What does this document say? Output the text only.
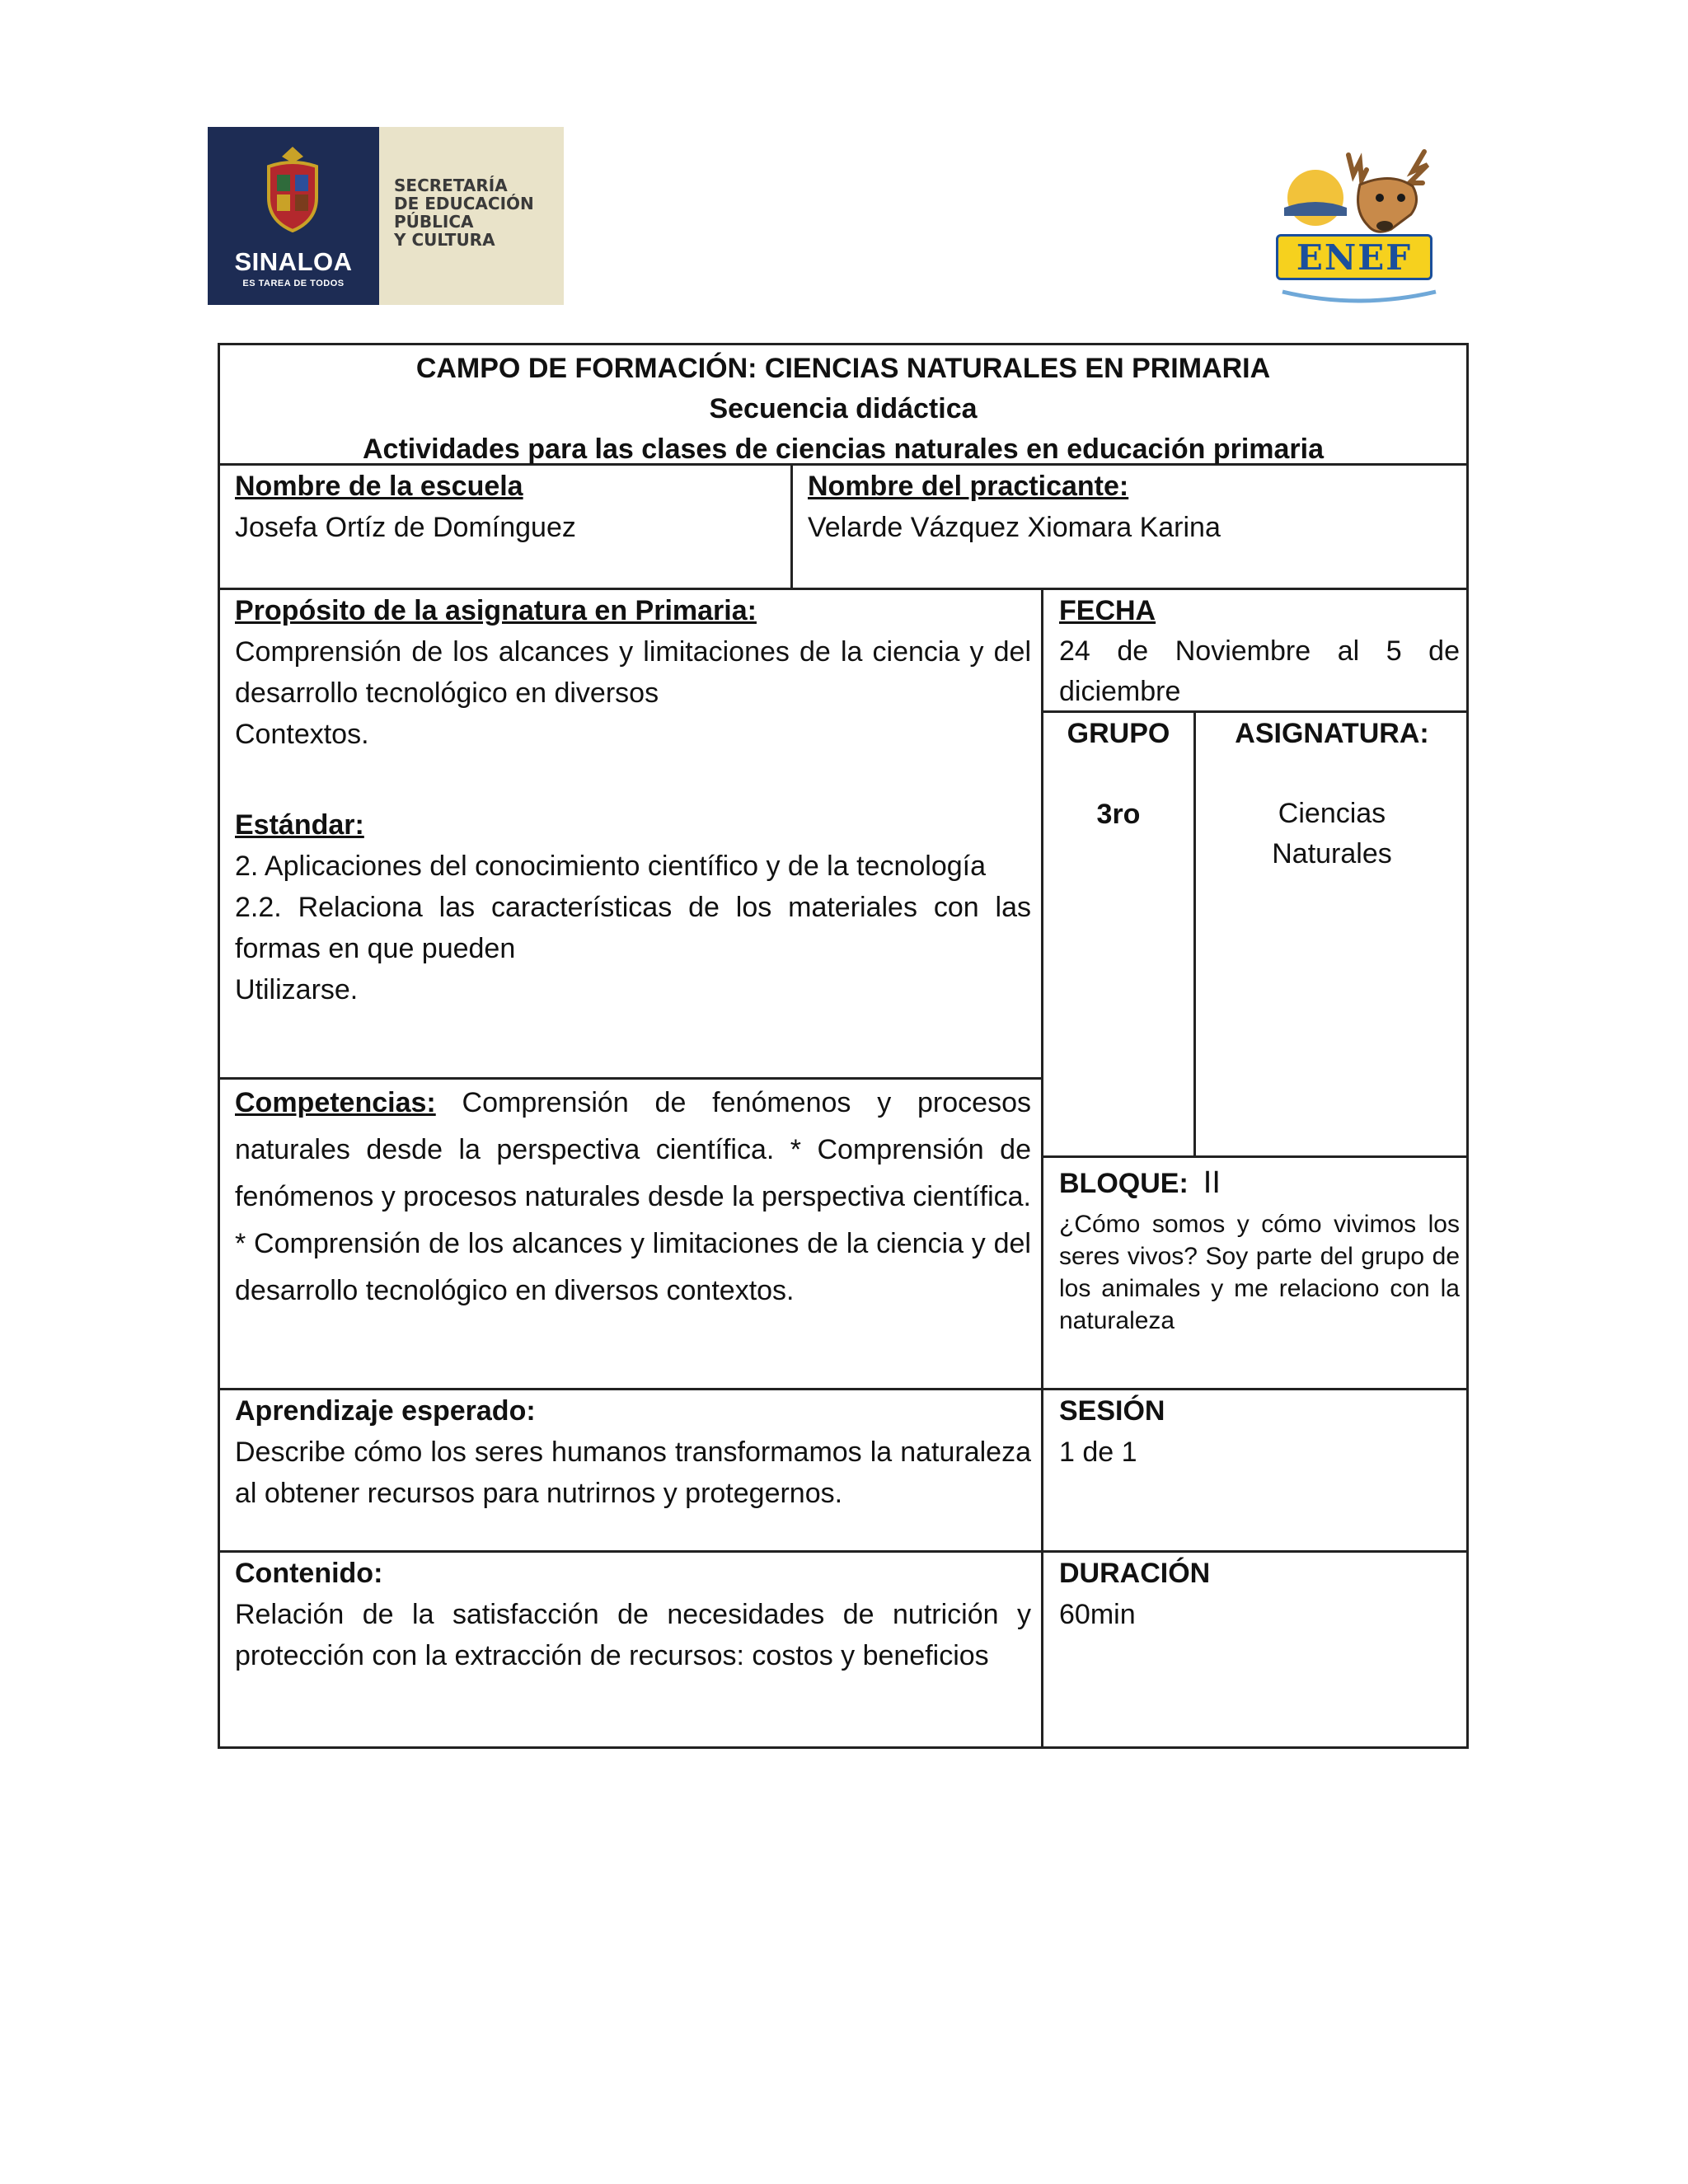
SINALOA
ES TAREA DE TODOS
SECRETARÍA
DE EDUCACIÓN
PÚBLICA
Y CULTURA	ENEF
CAMPO DE FORMACIÓN: CIENCIAS NATURALES EN PRIMARIA
Secuencia didáctica
Actividades para las clases de ciencias naturales en educación primaria
Nombre de la escuela
Josefa Ortíz de Domínguez
Nombre del practicante:
Velarde Vázquez Xiomara Karina
Propósito de la asignatura en Primaria:
Comprensión de los alcances y limitaciones de la ciencia y del desarrollo tecnológico en diversos
Contextos.
Estándar:
2. Aplicaciones del conocimiento científico y de la tecnología
2.2. Relaciona las características de los materiales con las formas en que pueden
Utilizarse.
Competencias: Comprensión de fenómenos y procesos naturales desde la perspectiva científica. * Comprensión de fenómenos y procesos naturales desde la perspectiva científica. * Comprensión de los alcances y limitaciones de la ciencia y del desarrollo tecnológico en diversos contextos.
FECHA
24 de Noviembre al 5 de diciembre
GRUPO
3ro
ASIGNATURA:
Ciencias Naturales
BLOQUE: II
¿Cómo somos y cómo vivimos los seres vivos? Soy parte del grupo de los animales y me relaciono con la naturaleza
Aprendizaje esperado:
Describe cómo los seres humanos transformamos la naturaleza al obtener recursos para nutrirnos y protegernos.
SESIÓN
1 de 1
Contenido:
Relación de la satisfacción de necesidades de nutrición y protección con la extracción de recursos: costos y beneficios
DURACIÓN
60min
